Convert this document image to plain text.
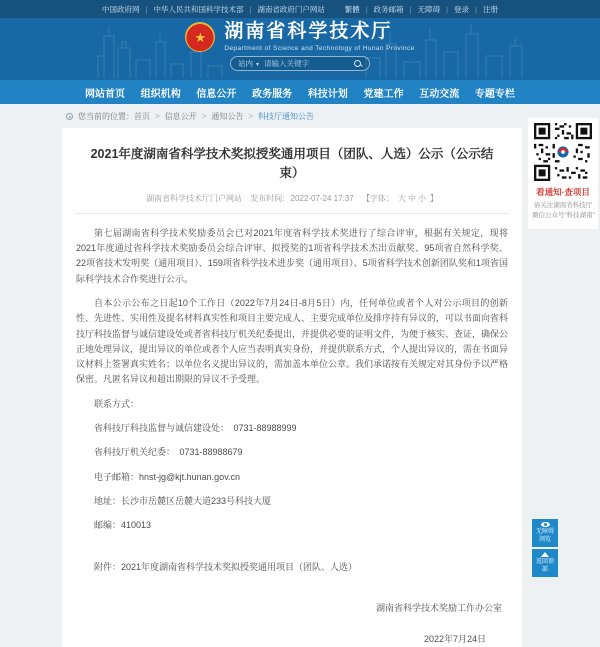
中国政府网	| 中华人民共和国科学技术部	| 湖南省政府门户网站	繁體	| 政务邮箱	| 无障碍	| 登录	| 注册
★ 湖南省科学技术厅
Department of Science and Technology of Hunan Province
站内 ▾
请输入关键字
网站首页 组织机构 信息公开 政务服务 科技计划 党建工作 互动交流 专题专栏
您当前的位置： 首页	> 信息公开	> 通知公告	> 科技厅通知公告
2021年度湖南省科学技术奖拟授奖通用项目（团队、人选）公示（公示结束）
湖南省科学技术厅门户网站 发布时间: 2022-07-24 17:37 【字体： 大 中 小 】

第七届湖南省科学技术奖励委员会已对2021年度省科学技术奖进行了综合评审，根据有关规定，现将2021年度通过省科学技术奖励委员会综合评审、拟授奖的1项省科学技术杰出贡献奖、95项省自然科学奖、22项省技术发明奖（通用项目）、159项省科学技术进步奖（通用项目）、5项省科学技术创新团队奖和1项省国际科学技术合作奖进行公示。

自本公示公布之日起10个工作日（2022年7月24日-8月5日）内，任何单位或者个人对公示项目的创新性、先进性、实用性及提名材料真实性和项目主要完成人、主要完成单位及排序持有异议的，可以书面向省科技厅科技监督与诚信建设处或者省科技厅机关纪委提出，并提供必要的证明文件，为便于核实、查证，确保公正地处理异议，提出异议的单位或者个人应当表明真实身份，并提供联系方式，个人提出异议的，需在书面异议材料上签署真实姓名；以单位名义提出异议的，需加盖本单位公章。我们承诺按有关规定对其身份予以严格保密。凡匿名异议和超出期限的异议不予受理。

联系方式：

省科技厅科技监督与诚信建设处：　0731-88988999

省科技厅机关纪委：　0731-88988679

电子邮箱：hnst-jg@kjt.hunan.gov.cn

地址：长沙市岳麓区岳麓大道233号科技大厦

邮编：410013

附件：2021年度湖南省科学技术奖拟授奖通用项目（团队、人选）

湖南省科学技术奖励工作办公室
2022年7月24日
看通知·查项目
请关注湖南省科技厅
微信公众号“科技湖南”
无障碍浏览
返回顶部
